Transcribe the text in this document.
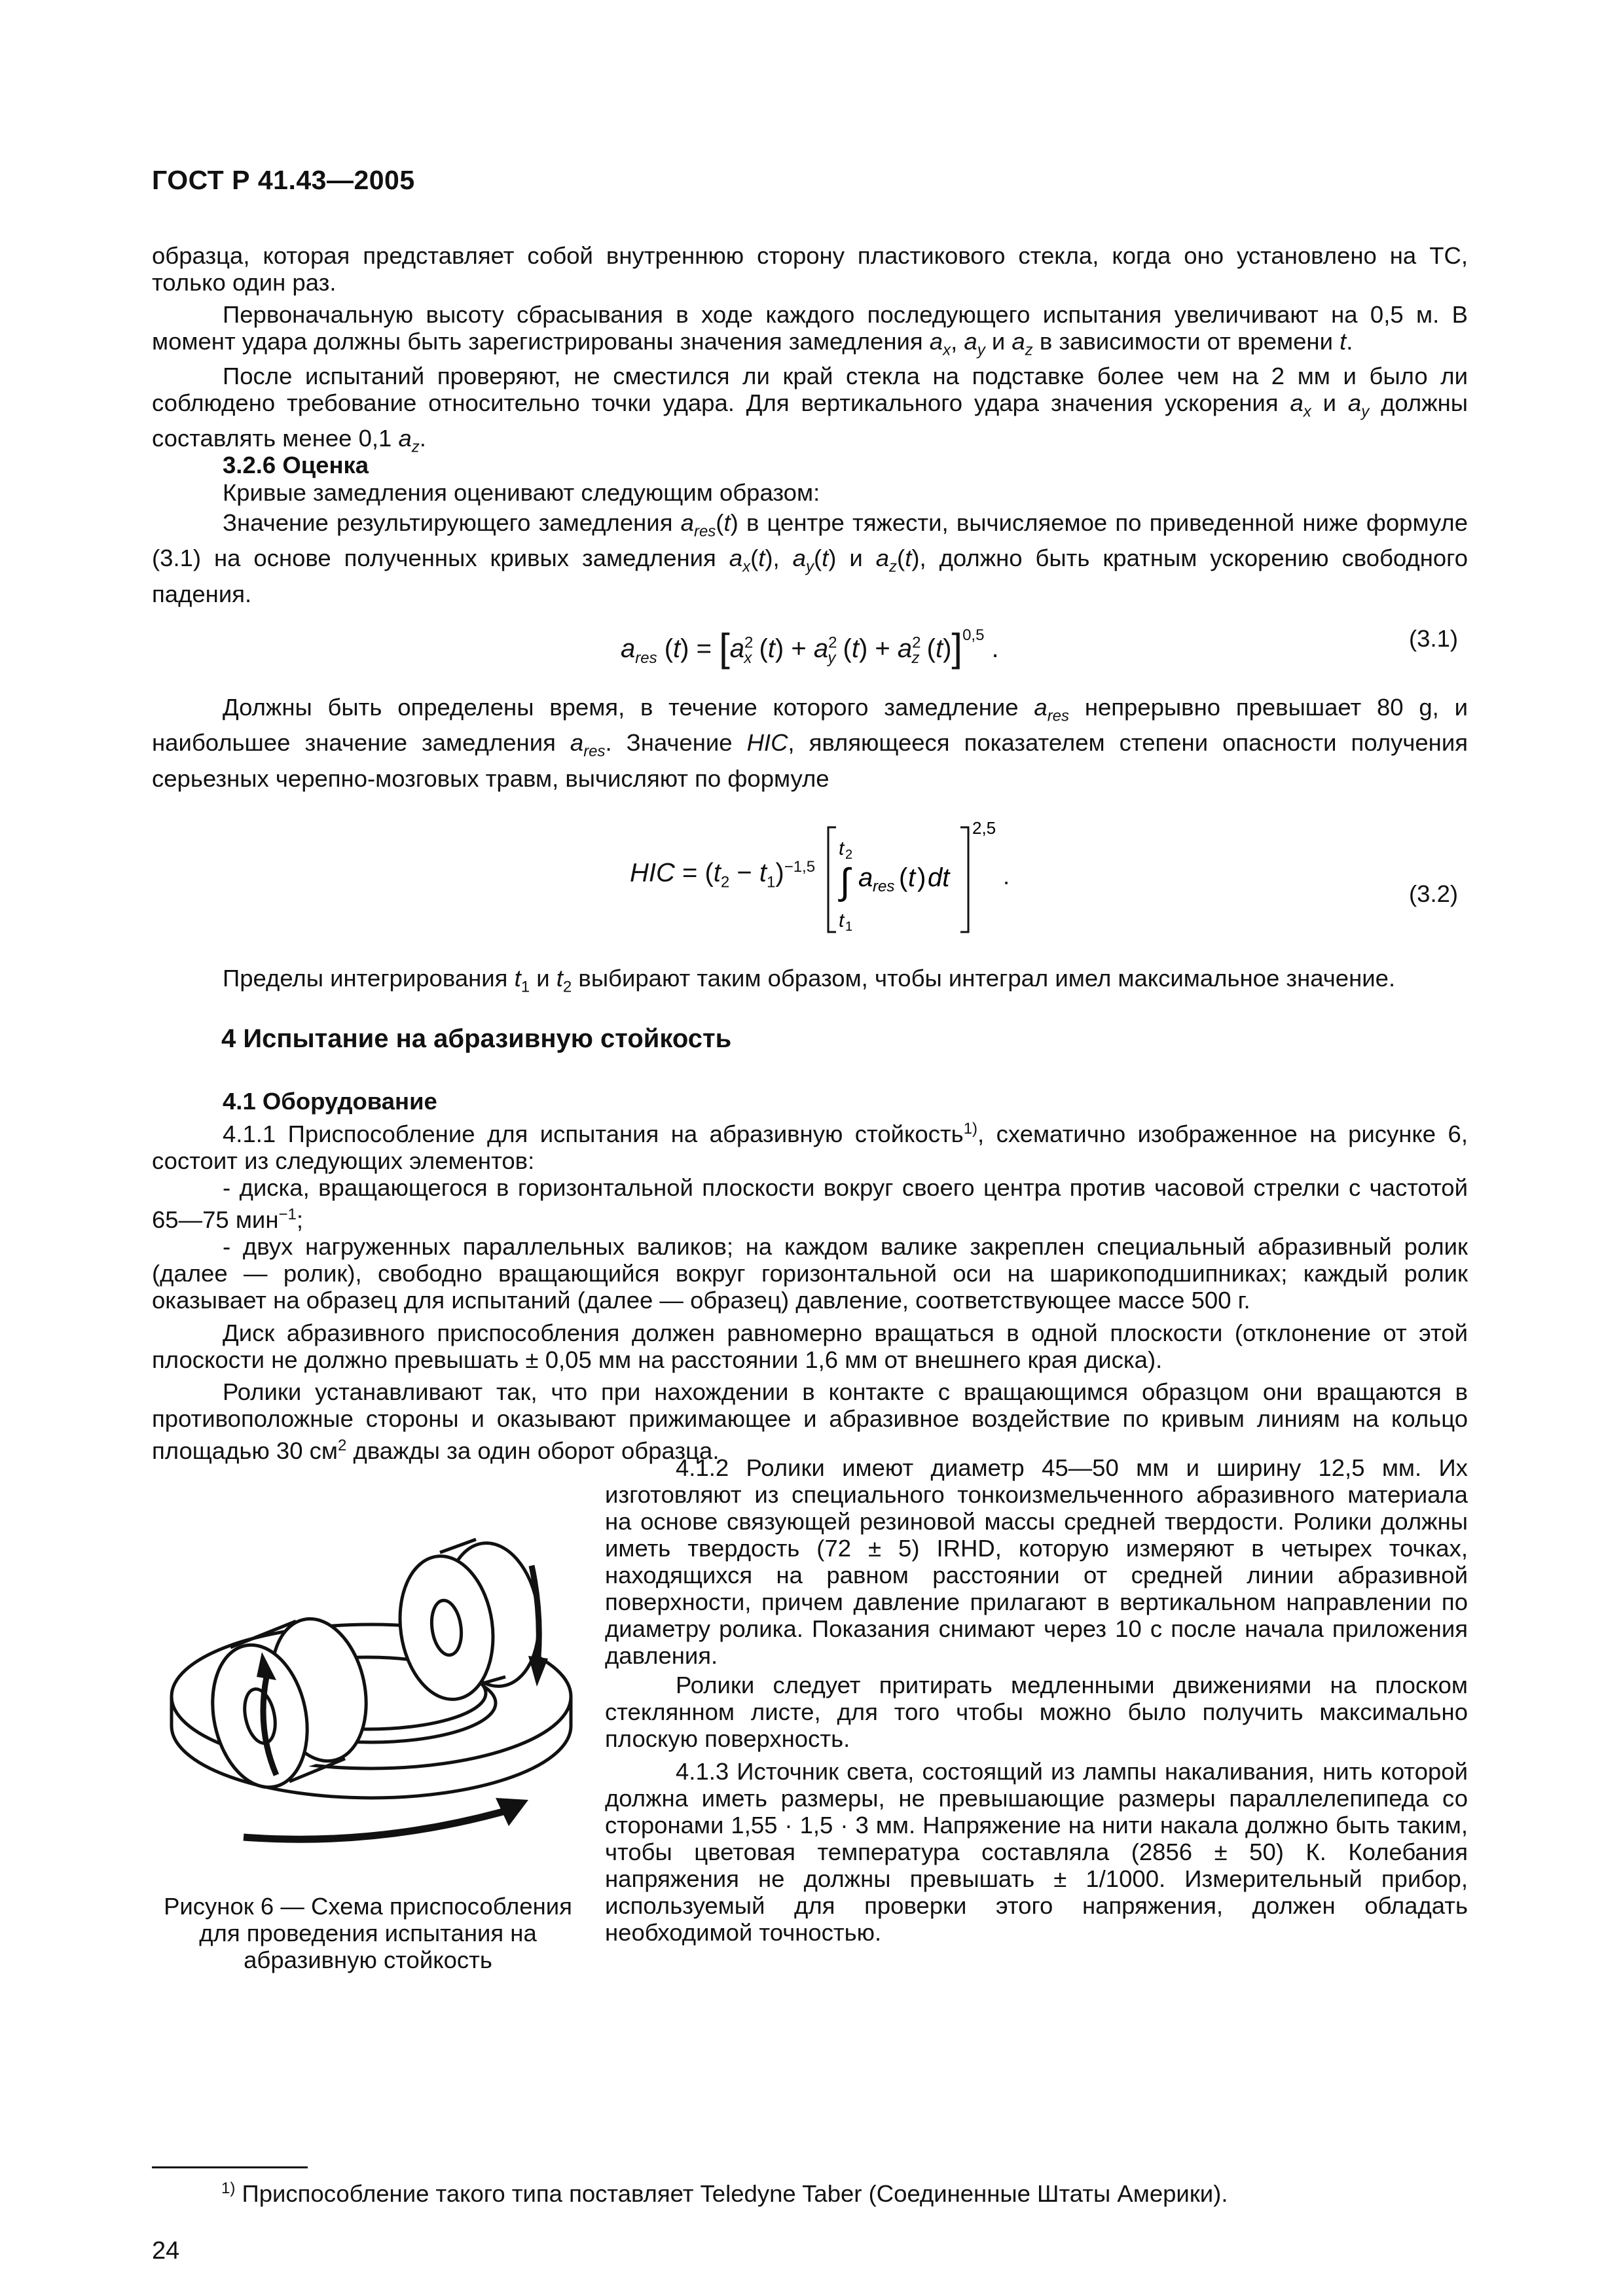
ГОСТ Р 41.43—2005
образца, которая представляет собой внутреннюю сторону пластикового стекла, когда оно установлено на ТС, только один раз.
Первоначальную высоту сбрасывания в ходе каждого последующего испытания увеличивают на 0,5 м. В момент удара должны быть зарегистрированы значения замедления $a_x$, $a_y$ и $a_z$ в зависимости от времени t.
После испытаний проверяют, не сместился ли край стекла на подставке более чем на 2 мм и было ли соблюдено требование относительно точки удара. Для вертикального удара значения ускорения $a_x$ и $a_y$ должны составлять менее 0,1 $a_z$.
3.2.6 Оценка
Кривые замедления оценивают следующим образом:
Значение результирующего замедления $a_{res}(t)$ в центре тяжести, вычисляемое по приведенной ниже формуле (3.1) на основе полученных кривых замедления $a_x(t)$, $a_y(t)$ и $a_z(t)$, должно быть кратным ускорению свободного падения.
$a_{res}$ $(t) = [a^2_x$ $(t) + a^2_y$ $(t) + a^2_z$ (t)]$^{0,5}$ .	(3.1)
Должны быть определены время, в течение которого замедление $a_{res}$ непрерывно превышает 80 g, и наибольшее значение замедления $a_{res}$. Значение HIC, являющееся показателем степени опасности получения серьезных черепно-мозговых травм, вычисляют по формуле
HIC = $(t_2 - t_1)^{-1,5}$
t 2
∫ a res ( t ) dt
t 1
2,5
.
(3.2)
Пределы интегрирования $t_1$ и $t_2$ выбирают таким образом, чтобы интеграл имел максимальное значение.
4 Испытание на абразивную стойкость
4.1 Оборудование
4.1.1 Приспособление для испытания на абразивную стойкость$^{1)}$, схематично изображенное на рисунке 6, состоит из следующих элементов:
- диска, вращающегося в горизонтальной плоскости вокруг своего центра против часовой стрелки с частотой 65—75 мин$^{-1}$;
- двух нагруженных параллельных валиков; на каждом валике закреплен специальный абразивный ролик (далее — ролик), свободно вращающийся вокруг горизонтальной оси на шарикоподшипниках; каждый ролик оказывает на образец для испытаний (далее — образец) давление, соответствующее массе 500 г.
Диск абразивного приспособления должен равномерно вращаться в одной плоскости (отклонение от этой плоскости не должно превышать ± 0,05 мм на расстоянии 1,6 мм от внешнего края диска).
Ролики устанавливают так, что при нахождении в контакте с вращающимся образцом они вращаются в противоположные стороны и оказывают прижимающее и абразивное воздействие по кривым линиям на кольцо площадью 30 $см^2$ дважды за один оборот образца.
4.1.2 Ролики имеют диаметр 45—50 мм и ширину 12,5 мм. Их изготовляют из специального тонкоизмельченного абразивного материала на основе связующей резиновой массы средней твердости. Ролики должны иметь твердость (72 ± 5) IRHD, которую измеряют в четырех точках, находящихся на равном расстоянии от средней линии абразивной поверхности, причем давление прилагают в вертикальном направлении по диаметру ролика. Показания снимают через 10 с после начала приложения давления.
Ролики следует притирать медленными движениями на плоском стеклянном листе, для того чтобы можно было получить максимально плоскую поверхность.
4.1.3 Источник света, состоящий из лампы накаливания, нить которой должна иметь размеры, не превышающие размеры параллелепипеда со сторонами 1,55 · 1,5 · 3 мм. Напряжение на нити накала должно быть таким, чтобы цветовая температура составляла (2856 ± 50) К. Колебания напряжения не должны превышать ± 1/1000. Измерительный прибор, используемый для проверки этого напряжения, должен обладать необходимой точностью.
Рисунок 6 — Схема приспособления для проведения испытания на абразивную стойкость
$^{1)}$ Приспособление такого типа поставляет Teledyne Taber (Соединенные Штаты Америки).
24
